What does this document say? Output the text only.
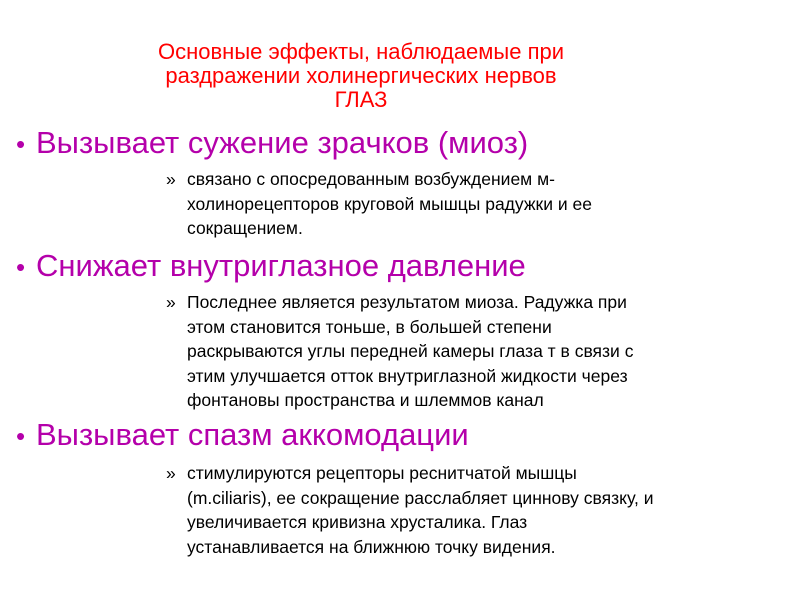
Основные эффекты, наблюдаемые при
раздражении холинергических нервов
ГЛАЗ
• Вызывает сужение зрачков (миоз)
» связано с опосредованным возбуждением м-
холинорецепторов круговой мышцы радужки и ее
сокращением.
• Снижает внутриглазное давление
» Последнее является результатом миоза. Радужка при
этом становится тоньше, в большей степени
раскрываются углы передней камеры глаза т в связи с
этим улучшается отток внутриглазной жидкости через
фонтановы пространства и шлеммов канал
• Вызывает спазм аккомодации
» стимулируются рецепторы реснитчатой мышцы
(m.ciliaris), ее сокращение расслабляет циннову связку, и
увеличивается кривизна хрусталика. Глаз
устанавливается на ближнюю точку видения.
